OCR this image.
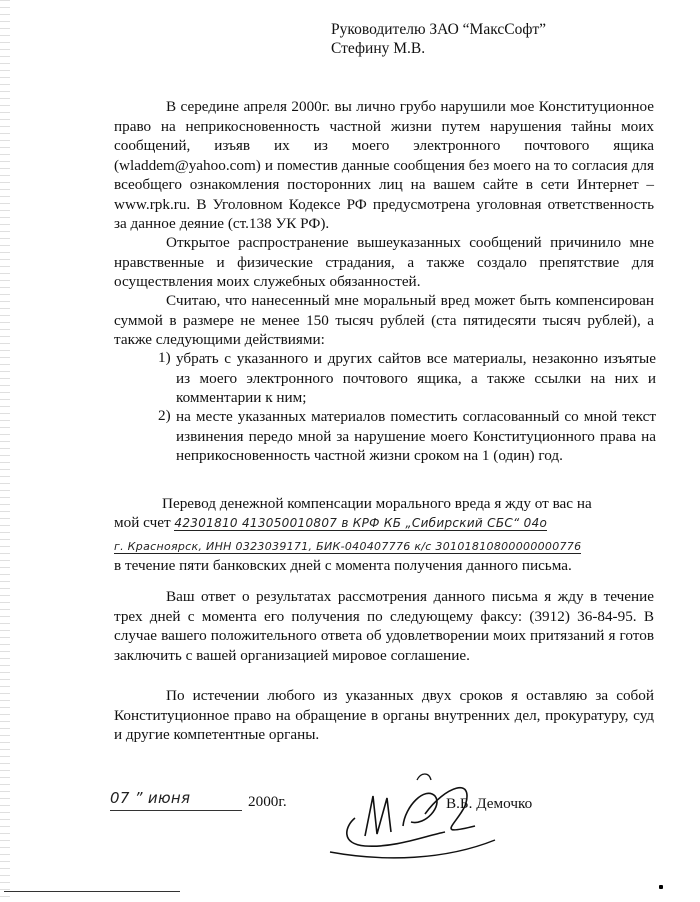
Руководителю ЗАО “МаксСофт”
Стефину М.В.
В середине апреля 2000г. вы лично грубо нарушили мое Конституционное право на неприкосновенность частной жизни путем нарушения тайны моих сообщений, изъяв их из моего электронного почтового ящика (wladdem@yahoo.com) и поместив данные сообщения без моего на то согласия для всеобщего ознакомления посторонних лиц на вашем сайте в сети Интернет – www.rpk.ru. В Уголовном Кодексе РФ предусмотрена уголовная ответственность за данное деяние (ст.138 УК РФ).
Открытое распространение вышеуказанных сообщений причинило мне нравственные и физические страдания, а также создало препятствие для осуществления моих служебных обязанностей.
Считаю, что нанесенный мне моральный вред может быть компенсирован суммой в размере не менее 150 тысяч рублей (ста пятидесяти тысяч рублей), а также следующими действиями:
1) убрать с указанного и других сайтов все материалы, незаконно изъятые из моего электронного почтового ящика, а также ссылки на них и комментарии к ним;
2) на месте указанных материалов поместить согласованный со мной текст извинения передо мной за нарушение моего Конституционного права на неприкосновенность частной жизни сроком на 1 (один) год.
Перевод денежной компенсации морального вреда я жду от вас на
мой счет 42301810 413050010807 в КРФ КБ „Сибирский СБС“ 04о
г. Красноярск, ИНН 0323039171, БИК-040407776 к/с 30101810800000000776
в течение пяти банковских дней с момента получения данного письма.
Ваш ответ о результатах рассмотрения данного письма я жду в течение трех дней с момента его получения по следующему факсу: (3912) 36-84-95. В случае вашего положительного ответа об удовлетворении моих притязаний я готов заключить с вашей организацией мировое соглашение.
По истечении любого из указанных двух сроков я оставляю за собой Конституционное право на обращение в органы внутренних дел, прокуратуру, суд и другие компетентные органы.
07 ” июня	2000г.	В.Б. Демочко
